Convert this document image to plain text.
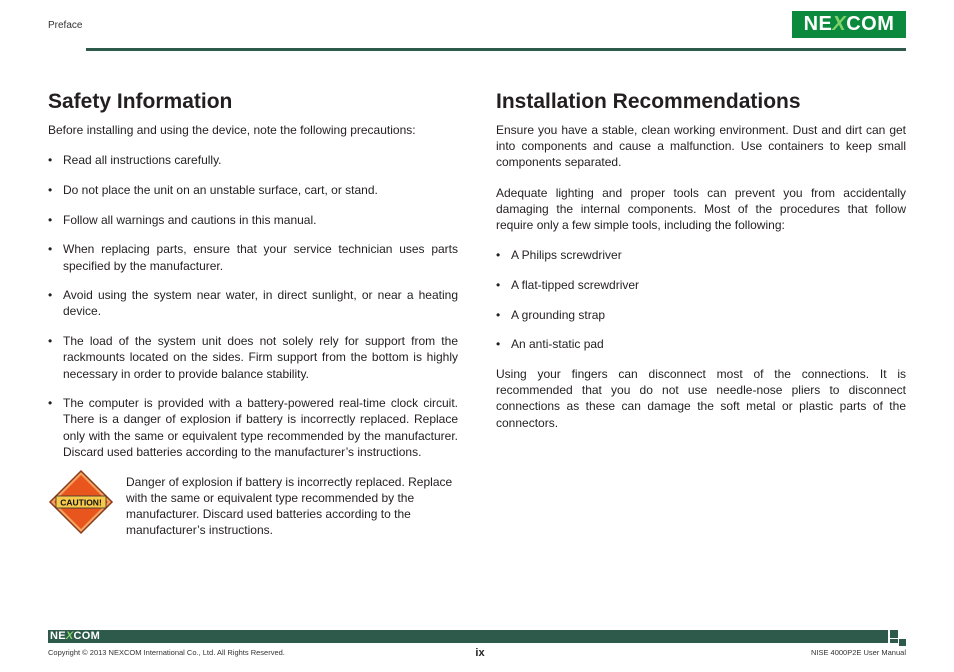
Preface	NE X COM
Safety Information

Before installing and using the device, note the following precautions:

• Read all instructions carefully.
• Do not place the unit on an unstable surface, cart, or stand.
• Follow all warnings and cautions in this manual.
• When replacing parts, ensure that your service technician uses parts specified by the manufacturer.
• Avoid using the system near water, in direct sunlight, or near a heating device.
• The load of the system unit does not solely rely for support from the rackmounts located on the sides. Firm support from the bottom is highly necessary in order to provide balance stability.
• The computer is provided with a battery-powered real-time clock circuit. There is a danger of explosion if battery is incorrectly replaced. Replace only with the same or equivalent type recommended by the manufacturer. Discard used batteries according to the manufacturer’s instructions.
CAUTION!
Danger of explosion if battery is incorrectly replaced. Replace with the same or equivalent type recommended by the manufacturer. Discard used batteries according to the manufacturer’s instructions.
Installation Recommendations

Ensure you have a stable, clean working environment. Dust and dirt can get into components and cause a malfunction. Use containers to keep small components separated.

Adequate lighting and proper tools can prevent you from accidentally damaging the internal components. Most of the procedures that follow require only a few simple tools, including the following:

• A Philips screwdriver
• A flat-tipped screwdriver
• A grounding strap
• An anti-static pad

Using your fingers can disconnect most of the connections. It is recommended that you do not use needle-nose pliers to disconnect connections as these can damage the soft metal or plastic parts of the connectors.

NEXCOM
Copyright © 2013 NEXCOM International Co., Ltd. All Rights Reserved.	ix	NISE 4000P2E User Manual
